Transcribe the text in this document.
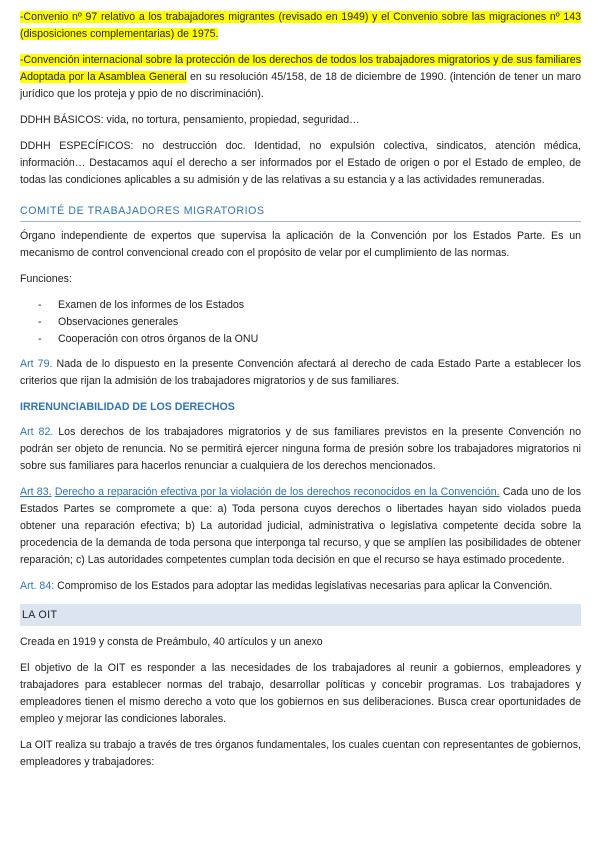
-Convenio nº 97 relativo a los trabajadores migrantes (revisado en 1949) y el Convenio sobre las migraciones nº 143 (disposiciones complementarias) de 1975.

-Convención internacional sobre la protección de los derechos de todos los trabajadores migratorios y de sus familiares Adoptada por la Asamblea General en su resolución 45/158, de 18 de diciembre de 1990. (intención de tener un maro jurídico que los proteja y ppio de no discriminación).

DDHH BÁSICOS: vida, no tortura, pensamiento, propiedad, seguridad…

DDHH ESPECÍFICOS: no destrucción doc. Identidad, no expulsión colectiva, sindicatos, atención médica, información… Destacamos aquí el derecho a ser informados por el Estado de origen o por el Estado de empleo, de todas las condiciones aplicables a su admisión y de las relativas a su estancia y a las actividades remuneradas.

COMITÉ DE TRABAJADORES MIGRATORIOS

Órgano independiente de expertos que supervisa la aplicación de la Convención por los Estados Parte. Es un mecanismo de control convencional creado con el propósito de velar por el cumplimiento de las normas.

Funciones:

- Examen de los informes de los Estados
- Observaciones generales
- Cooperación con otros órganos de la ONU

Art 79. Nada de lo dispuesto en la presente Convención afectará al derecho de cada Estado Parte a establecer los criterios que rijan la admisión de los trabajadores migratorios y de sus familiares.

IRRENUNCIABILIDAD DE LOS DERECHOS

Art 82. Los derechos de los trabajadores migratorios y de sus familiares previstos en la presente Convención no podrán ser objeto de renuncia. No se permitirá ejercer ninguna forma de presión sobre los trabajadores migratorios ni sobre sus familiares para hacerlos renunciar a cualquiera de los derechos mencionados.

Art 83. Derecho a reparación efectiva por la violación de los derechos reconocidos en la Convención. Cada uno de los Estados Partes se compromete a que: a) Toda persona cuyos derechos o libertades hayan sido violados pueda obtener una reparación efectiva; b) La autoridad judicial, administrativa o legislativa competente decida sobre la procedencia de la demanda de toda persona que interponga tal recurso, y que se amplíen las posibilidades de obtener reparación; c) Las autoridades competentes cumplan toda decisión en que el recurso se haya estimado procedente.

Art. 84: Compromiso de los Estados para adoptar las medidas legislativas necesarias para aplicar la Convención.

LA OIT

Creada en 1919 y consta de Preámbulo, 40 artículos y un anexo

El objetivo de la OIT es responder a las necesidades de los trabajadores al reunir a gobiernos, empleadores y trabajadores para establecer normas del trabajo, desarrollar políticas y concebir programas. Los trabajadores y empleadores tienen el mismo derecho a voto que los gobiernos en sus deliberaciones. Busca crear oportunidades de empleo y mejorar las condiciones laborales.

La OIT realiza su trabajo a través de tres órganos fundamentales, los cuales cuentan con representantes de gobiernos, empleadores y trabajadores:
